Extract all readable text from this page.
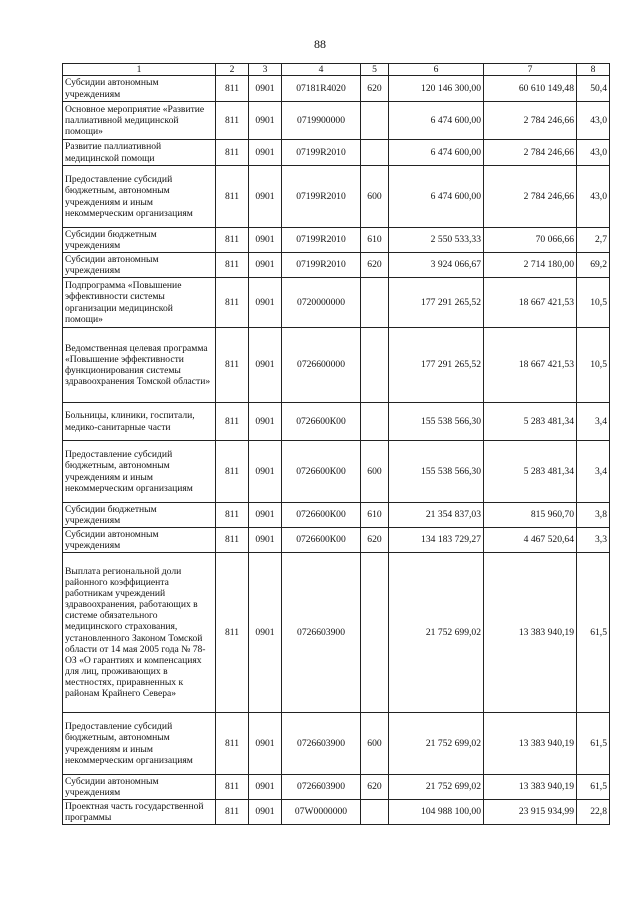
88
1	2	3	4	5	6	7	8
Субсидии автономным учреждениям	811	0901	07181R4020	620	120 146 300,00	60 610 149,48	50,4
Основное мероприятие «Развитие паллиативной медицинской помощи»	811	0901	0719900000		6 474 600,00	2 784 246,66	43,0
Развитие паллиативной медицинской помощи	811	0901	07199R2010		6 474 600,00	2 784 246,66	43,0
Предоставление субсидий бюджетным, автономным учреждениям и иным некоммерческим организациям	811	0901	07199R2010	600	6 474 600,00	2 784 246,66	43,0
Субсидии бюджетным учреждениям	811	0901	07199R2010	610	2 550 533,33	70 066,66	2,7
Субсидии автономным учреждениям	811	0901	07199R2010	620	3 924 066,67	2 714 180,00	69,2
Подпрограмма «Повышение эффективности системы организации медицинской помощи»	811	0901	0720000000		177 291 265,52	18 667 421,53	10,5
Ведомственная целевая программа «Повышение эффективности функционирования системы здравоохранения Томской области»	811	0901	0726600000		177 291 265,52	18 667 421,53	10,5
Больницы, клиники, госпитали, медико-санитарные части	811	0901	0726600К00		155 538 566,30	5 283 481,34	3,4
Предоставление субсидий бюджетным, автономным учреждениям и иным некоммерческим организациям	811	0901	0726600К00	600	155 538 566,30	5 283 481,34	3,4
Субсидии бюджетным учреждениям	811	0901	0726600К00	610	21 354 837,03	815 960,70	3,8
Субсидии автономным учреждениям	811	0901	0726600К00	620	134 183 729,27	4 467 520,64	3,3
Выплата региональной доли районного коэффициента работникам учреждений здравоохранения, работающих в системе обязательного медицинского страхования, установленного Законом Томской области от 14 мая 2005 года № 78-ОЗ «О гарантиях и компенсациях для лиц, проживающих в местностях, приравненных к районам Крайнего Севера»	811	0901	0726603900		21 752 699,02	13 383 940,19	61,5
Предоставление субсидий бюджетным, автономным учреждениям и иным некоммерческим организациям	811	0901	0726603900	600	21 752 699,02	13 383 940,19	61,5
Субсидии автономным учреждениям	811	0901	0726603900	620	21 752 699,02	13 383 940,19	61,5
Проектная часть государственной программы	811	0901	07W0000000		104 988 100,00	23 915 934,99	22,8
